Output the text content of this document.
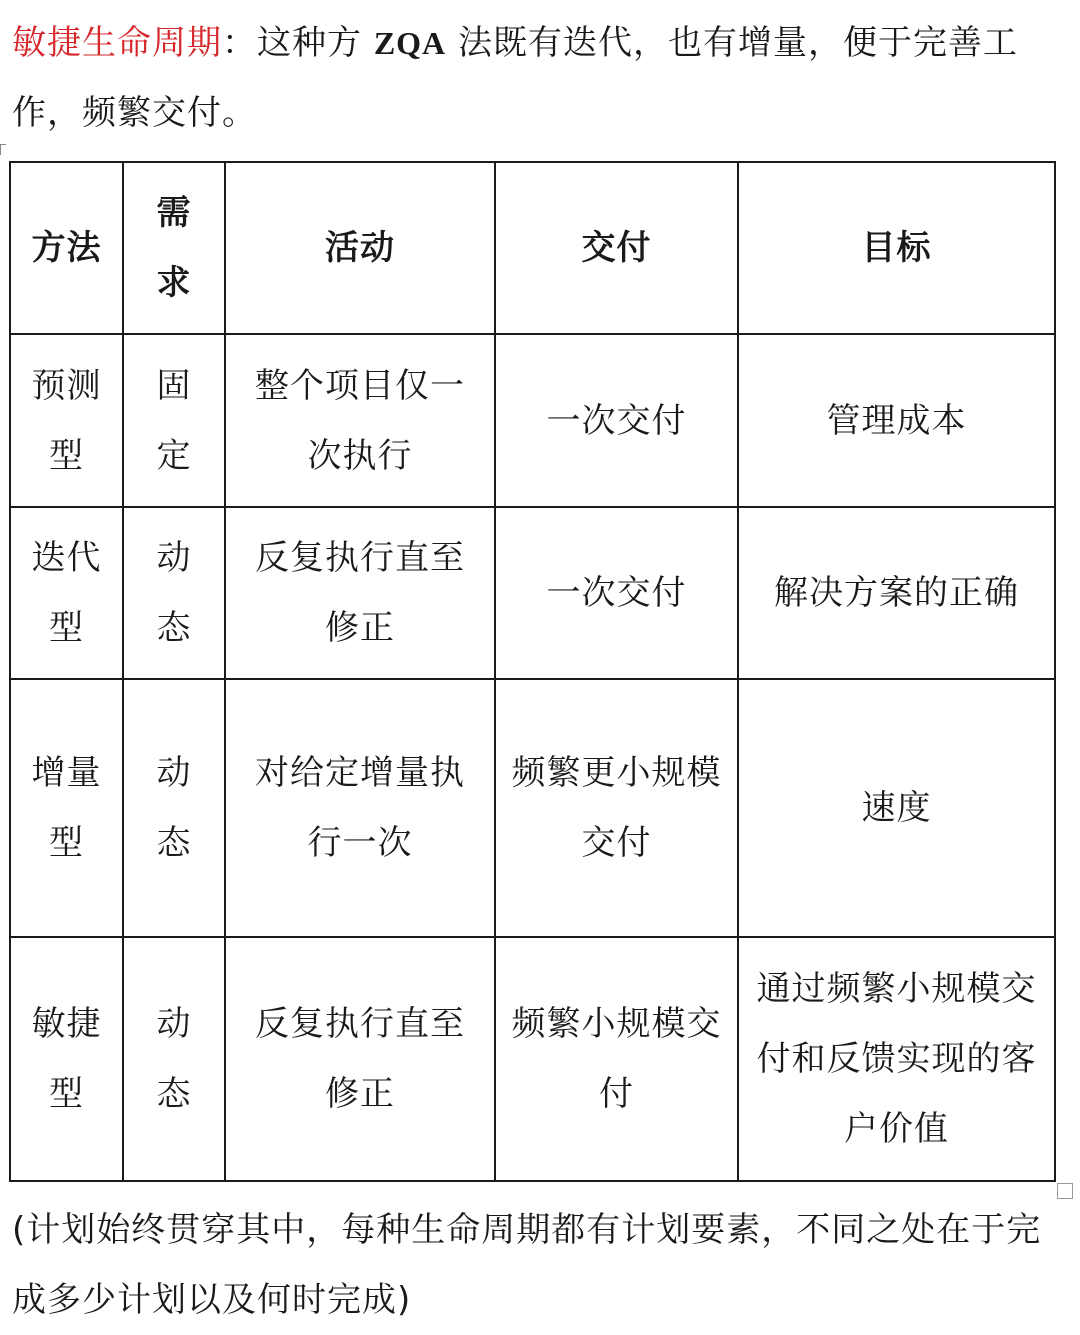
敏捷生命周期：这种方 ZQA 法既有迭代，也有增量，便于完善工作，频繁交付。
方法	需求	活动	交付	目标
预测型	固定	整个项目仅一次执行	一次交付	管理成本
迭代型	动态	反复执行直至修正	一次交付	解决方案的正确
增量型	动态	对给定增量执行一次	频繁更小规模交付	速度
敏捷型	动态	反复执行直至修正	频繁小规模交付	通过频繁小规模交付和反馈实现的客户价值
(计划始终贯穿其中，每种生命周期都有计划要素，不同之处在于完成多少计划以及何时完成)
